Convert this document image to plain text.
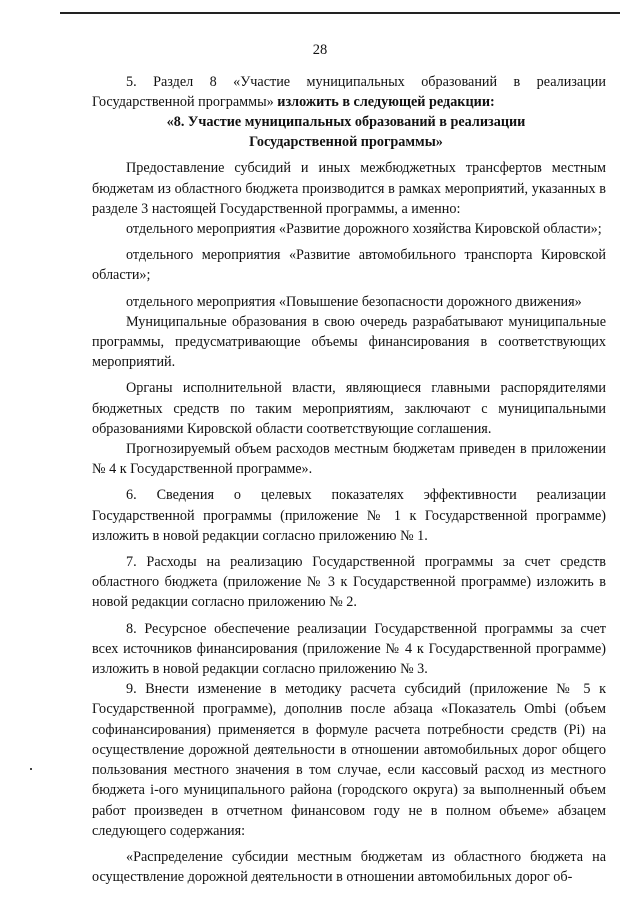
28

5. Раздел 8 «Участие муниципальных образований в реализации Государственной программы» изложить в следующей редакции:

«8. Участие муниципальных образований в реализации Государственной программы»

Предоставление субсидий и иных межбюджетных трансфертов местным бюджетам из областного бюджета производится в рамках мероприятий, указанных в разделе 3 настоящей Государственной программы, а именно:

отдельного мероприятия «Развитие дорожного хозяйства Кировской области»;

отдельного мероприятия «Развитие автомобильного транспорта Кировской области»;

отдельного мероприятия «Повышение безопасности дорожного движения»

Муниципальные образования в свою очередь разрабатывают муниципальные программы, предусматривающие объемы финансирования в соответствующих мероприятий.

Органы исполнительной власти, являющиеся главными распорядителями бюджетных средств по таким мероприятиям, заключают с муниципальными образованиями Кировской области соответствующие соглашения.

Прогнозируемый объем расходов местным бюджетам приведен в приложении № 4 к Государственной программе».

6. Сведения о целевых показателях эффективности реализации Государственной программы (приложение № 1 к Государственной программе) изложить в новой редакции согласно приложению № 1.

7. Расходы на реализацию Государственной программы за счет средств областного бюджета (приложение № 3 к Государственной программе) изложить в новой редакции согласно приложению № 2.

8. Ресурсное обеспечение реализации Государственной программы за счет всех источников финансирования (приложение № 4 к Государственной программе) изложить в новой редакции согласно приложению № 3.

9. Внести изменение в методику расчета субсидий (приложение № 5 к Государственной программе), дополнив после абзаца «Показатель Ombi (объем софинансирования) применяется в формуле расчета потребности средств (Pi) на осуществление дорожной деятельности в отношении автомобильных дорог общего пользования местного значения в том случае, если кассовый расход из местного бюджета i-ого муниципального района (городского округа) за выполненный объем работ произведен в отчетном финансовом году не в полном объеме» абзацем следующего содержания:

«Распределение субсидии местным бюджетам из областного бюджета на осуществление дорожной деятельности в отношении автомобильных дорог об-
